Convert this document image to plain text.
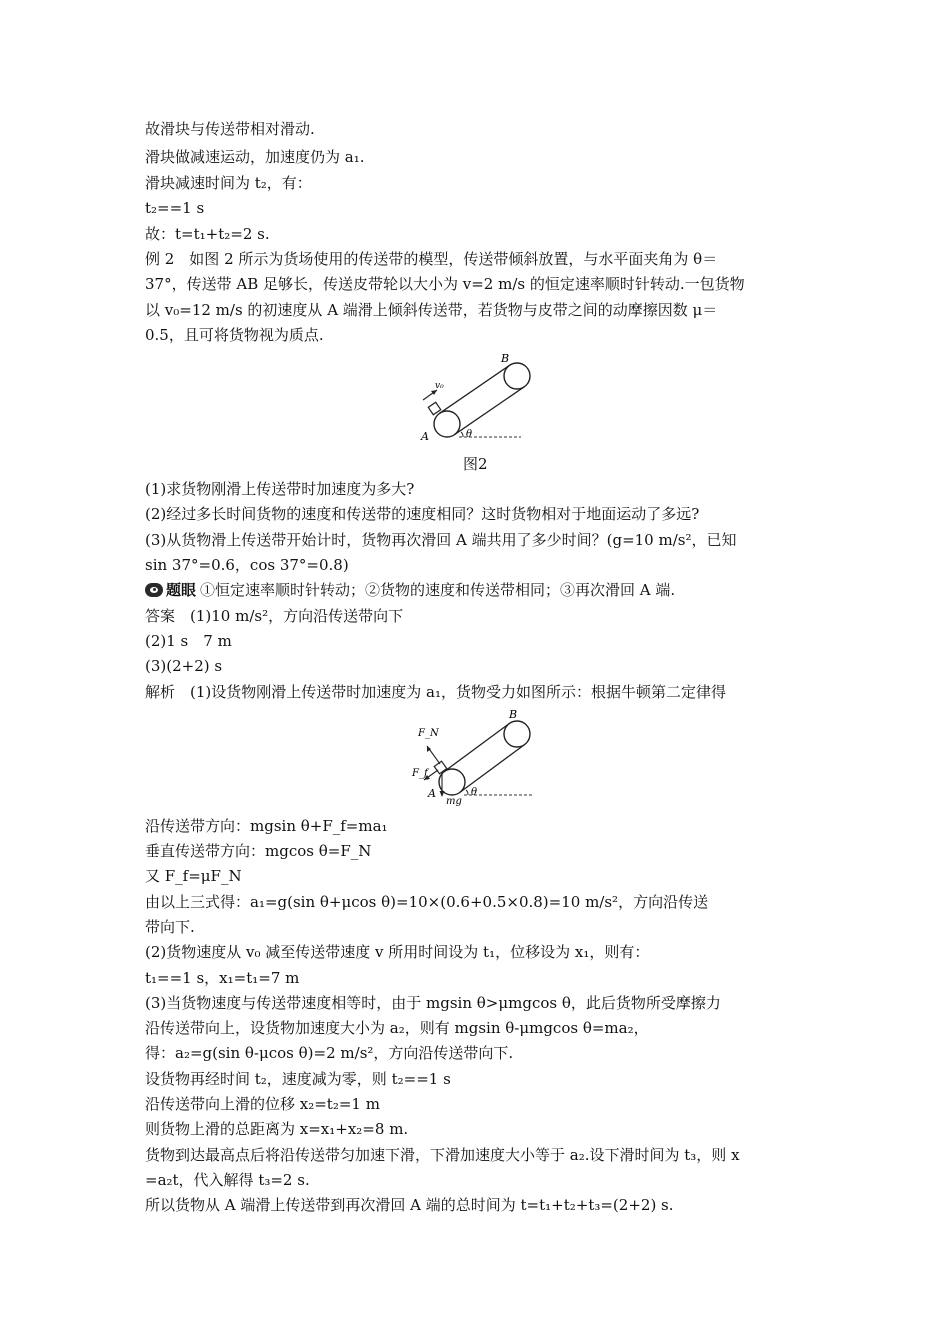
故滑块与传送带相对滑动.
滑块做减速运动，加速度仍为 a₁.
滑块减速时间为 t₂，有：
t₂==1 s
故：t=t₁+t₂=2 s.
例 2　如图 2 所示为货场使用的传送带的模型，传送带倾斜放置，与水平面夹角为 θ＝
37°，传送带 AB 足够长，传送皮带轮以大小为 v=2 m/s 的恒定速率顺时针转动.一包货物
以 v₀=12 m/s 的初速度从 A 端滑上倾斜传送带，若货物与皮带之间的动摩擦因数 μ＝
0.5，且可将货物视为质点.
A
B
θ
v₀
图2
(1)求货物刚滑上传送带时加速度为多大?
(2)经过多长时间货物的速度和传送带的速度相同？这时货物相对于地面运动了多远?
(3)从货物滑上传送带开始计时，货物再次滑回 A 端共用了多少时间？(g=10 m/s²，已知
sin 37°=0.6，cos 37°=0.8)
题眼 ①恒定速率顺时针转动；②货物的速度和传送带相同；③再次滑回 A 端.
答案　(1)10 m/s²，方向沿传送带向下
(2)1 s　7 m
(3)(2+2) s
解析　(1)设货物刚滑上传送带时加速度为 a₁，货物受力如图所示：根据牛顿第二定律得
A
B
F_N
F_f
mg
θ
沿传送带方向：mgsin θ+F_f=ma₁
垂直传送带方向：mgcos θ=F_N
又 F_f=μF_N
由以上三式得：a₁=g(sin θ+μcos θ)=10×(0.6+0.5×0.8)=10 m/s²，方向沿传送
带向下.
(2)货物速度从 v₀ 减至传送带速度 v 所用时间设为 t₁，位移设为 x₁，则有：
t₁==1 s，x₁=t₁=7 m
(3)当货物速度与传送带速度相等时，由于 mgsin θ>μmgcos θ，此后货物所受摩擦力
沿传送带向上，设货物加速度大小为 a₂，则有 mgsin θ-μmgcos θ=ma₂，
得：a₂=g(sin θ-μcos θ)=2 m/s²，方向沿传送带向下.
设货物再经时间 t₂，速度减为零，则 t₂==1 s
沿传送带向上滑的位移 x₂=t₂=1 m
则货物上滑的总距离为 x=x₁+x₂=8 m.
货物到达最高点后将沿传送带匀加速下滑，下滑加速度大小等于 a₂.设下滑时间为 t₃，则 x
=a₂t，代入解得 t₃=2 s.
所以货物从 A 端滑上传送带到再次滑回 A 端的总时间为 t=t₁+t₂+t₃=(2+2) s.
